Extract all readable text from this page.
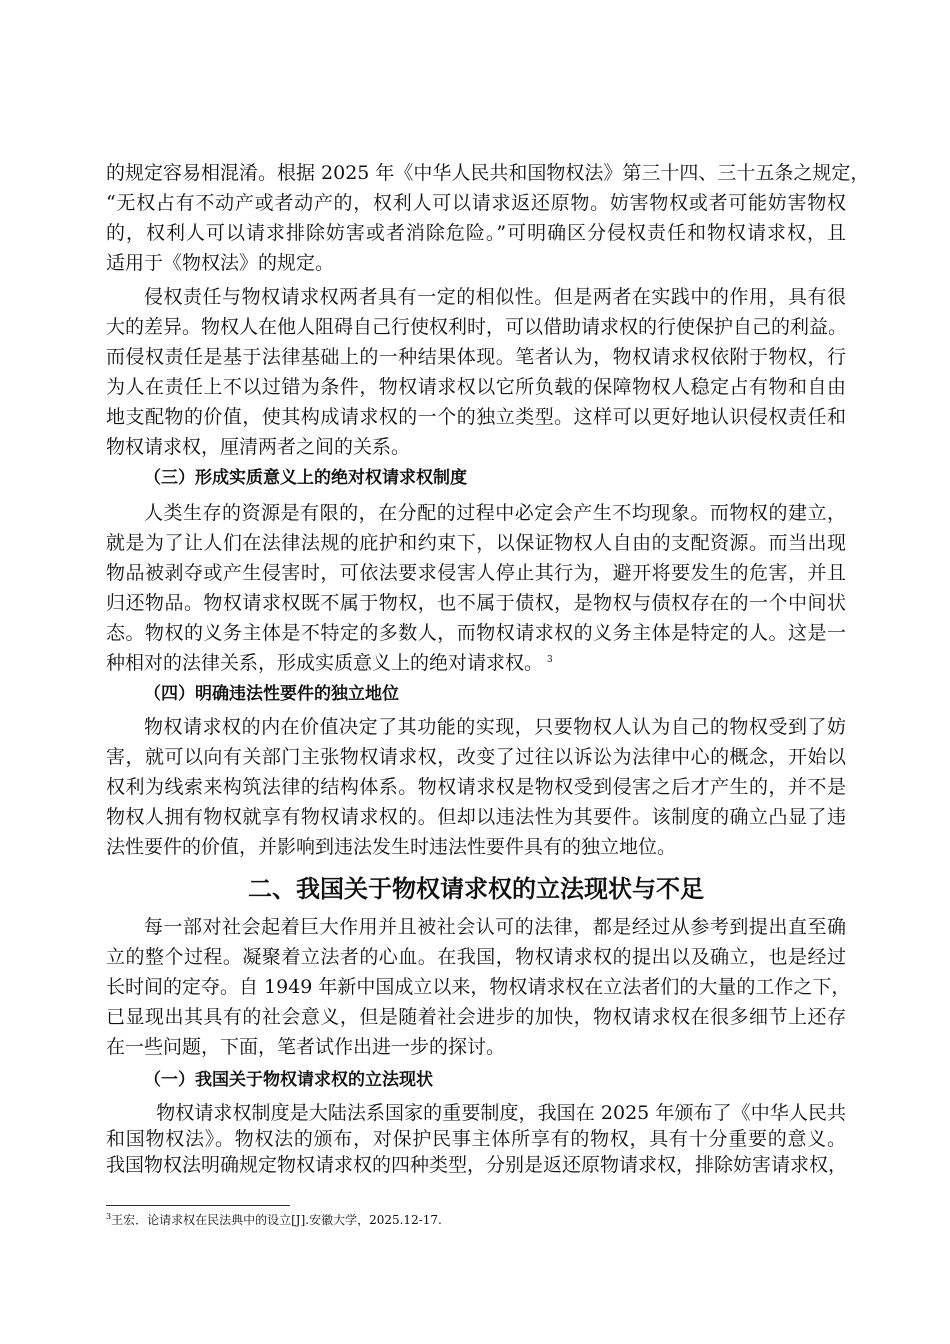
的规定容易相混淆。根据 2025 年《中华人民共和国物权法》第三十四、三十五条之规定，
“无权占有不动产或者动产的，权利人可以请求返还原物。妨害物权或者可能妨害物权
的，权利人可以请求排除妨害或者消除危险。”可明确区分侵权责任和物权请求权，且
适用于《物权法》的规定。
侵权责任与物权请求权两者具有一定的相似性。但是两者在实践中的作用，具有很
大的差异。物权人在他人阻碍自己行使权利时，可以借助请求权的行使保护自己的利益。
而侵权责任是基于法律基础上的一种结果体现。笔者认为，物权请求权依附于物权，行
为人在责任上不以过错为条件，物权请求权以它所负载的保障物权人稳定占有物和自由
地支配物的价值，使其构成请求权的一个的独立类型。这样可以更好地认识侵权责任和
物权请求权，厘清两者之间的关系。
（三）形成实质意义上的绝对权请求权制度
人类生存的资源是有限的，在分配的过程中必定会产生不均现象。而物权的建立，
就是为了让人们在法律法规的庇护和约束下，以保证物权人自由的支配资源。而当出现
物品被剥夺或产生侵害时，可依法要求侵害人停止其行为，避开将要发生的危害，并且
归还物品。物权请求权既不属于物权，也不属于债权，是物权与债权存在的一个中间状
态。物权的义务主体是不特定的多数人，而物权请求权的义务主体是特定的人。这是一
种相对的法律关系，形成实质意义上的绝对请求权。 $^3$
（四）明确违法性要件的独立地位
物权请求权的内在价值决定了其功能的实现，只要物权人认为自己的物权受到了妨
害，就可以向有关部门主张物权请求权，改变了过往以诉讼为法律中心的概念，开始以
权利为线索来构筑法律的结构体系。物权请求权是物权受到侵害之后才产生的，并不是
物权人拥有物权就享有物权请求权的。但却以违法性为其要件。该制度的确立凸显了违
法性要件的价值，并影响到违法发生时违法性要件具有的独立地位。
二、我国关于物权请求权的立法现状与不足
每一部对社会起着巨大作用并且被社会认可的法律，都是经过从参考到提出直至确
立的整个过程。凝聚着立法者的心血。在我国，物权请求权的提出以及确立，也是经过
长时间的定夺。自 1949 年新中国成立以来，物权请求权在立法者们的大量的工作之下，
已显现出其具有的社会意义，但是随着社会进步的加快，物权请求权在很多细节上还存
在一些问题，下面，笔者试作出进一步的探讨。
（一）我国关于物权请求权的立法现状
物权请求权制度是大陆法系国家的重要制度，我国在 2025 年颁布了《中华人民共
和国物权法》。物权法的颁布，对保护民事主体所享有的物权，具有十分重要的意义。
我国物权法明确规定物权请求权的四种类型，分别是返还原物请求权，排除妨害请求权，
$^3$王宏．论请求权在民法典中的设立[J].安徽大学，2025.12-17.
